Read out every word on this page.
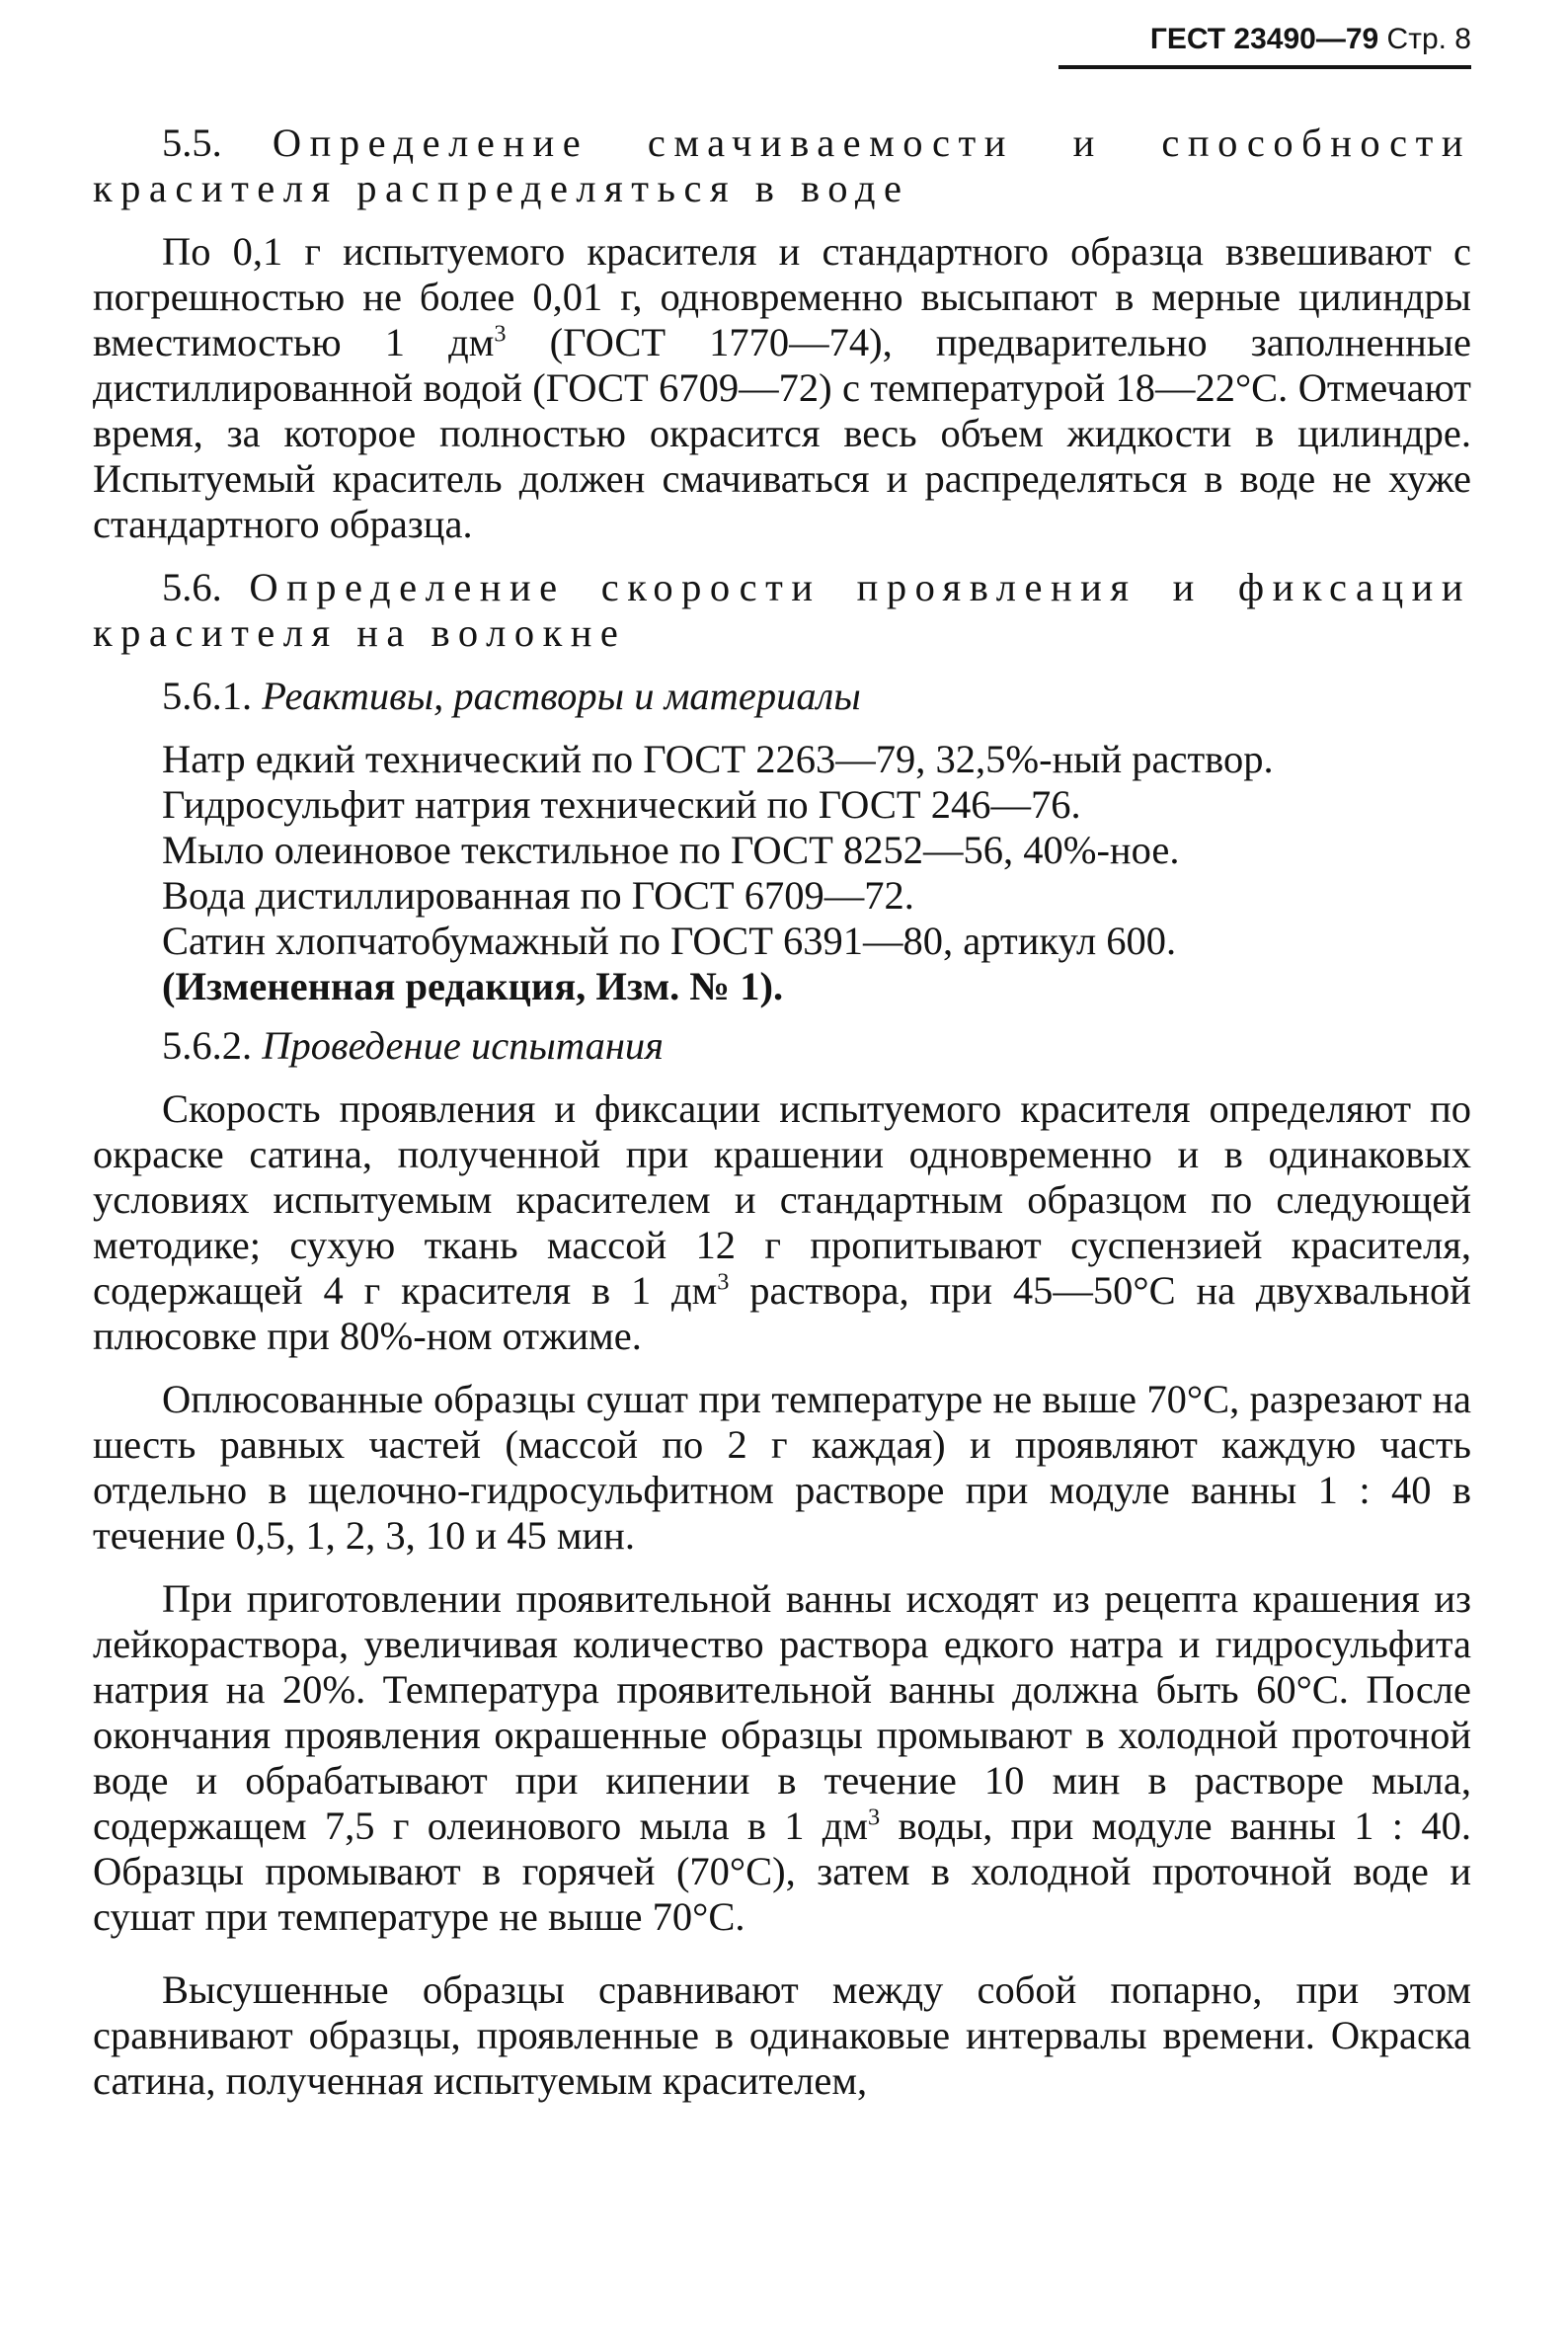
ГЕСТ 23490—79 Стр. 8

5.5. Определение смачиваемости и способности красителя распределяться в воде

По 0,1 г испытуемого красителя и стандартного образца взвешивают с погрешностью не более 0,01 г, одновременно высыпают в мерные цилиндры вместимостью 1 $дм^3$ (ГОСТ 1770—74), предварительно заполненные дистиллированной водой (ГОСТ 6709—72) с температурой 18—22°С. Отмечают время, за которое полностью окрасится весь объем жидкости в цилиндре. Испытуемый краситель должен смачиваться и распределяться в воде не хуже стандартного образца.

5.6. Определение скорости проявления и фиксации красителя на волокне

5.6.1. Реактивы, растворы и материалы

Натр едкий технический по ГОСТ 2263—79, 32,5%-ный раствор.

Гидросульфит натрия технический по ГОСТ 246—76.

Мыло олеиновое текстильное по ГОСТ 8252—56, 40%-ное.

Вода дистиллированная по ГОСТ 6709—72.

Сатин хлопчатобумажный по ГОСТ 6391—80, артикул 600.

(Измененная редакция, Изм. № 1).

5.6.2. Проведение испытания

Скорость проявления и фиксации испытуемого красителя определяют по окраске сатина, полученной при крашении одновременно и в одинаковых условиях испытуемым красителем и стандартным образцом по следующей методике; сухую ткань массой 12 г пропитывают суспензией красителя, содержащей 4 г красителя в 1 $дм^3$ раствора, при 45—50°С на двухвальной плюсовке при 80%-ном отжиме.

Оплюсованные образцы сушат при температуре не выше 70°С, разрезают на шесть равных частей (массой по 2 г каждая) и проявляют каждую часть отдельно в щелочно-гидросульфитном растворе при модуле ванны 1 : 40 в течение 0,5, 1, 2, 3, 10 и 45 мин.

При приготовлении проявительной ванны исходят из рецепта крашения из лейкораствора, увеличивая количество раствора едкого натра и гидросульфита натрия на 20%. Температура проявительной ванны должна быть 60°С. После окончания проявления окрашенные образцы промывают в холодной проточной воде и обрабатывают при кипении в течение 10 мин в растворе мыла, содержащем 7,5 г олеинового мыла в 1 $дм^3$ воды, при модуле ванны 1 : 40. Образцы промывают в горячей (70°С), затем в холодной проточной воде и сушат при температуре не выше 70°С.

Высушенные образцы сравнивают между собой попарно, при этом сравнивают образцы, проявленные в одинаковые интервалы времени. Окраска сатина, полученная испытуемым красителем,
